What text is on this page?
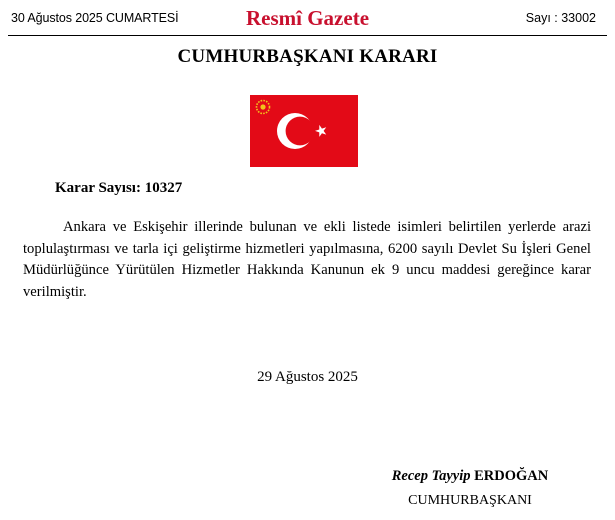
30 Ağustos 2025 CUMARTESİ	Resmî Gazete	Sayı : 33002
CUMHURBAŞKANI KARARI
Karar Sayısı: 10327
Ankara ve Eskişehir illerinde bulunan ve ekli listede isimleri belirtilen yerlerde arazi toplulaştırması ve tarla içi geliştirme hizmetleri yapılmasına, 6200 sayılı Devlet Su İşleri Genel Müdürlüğünce Yürütülen Hizmetler Hakkında Kanunun ek 9 uncu maddesi gereğince karar verilmiştir.
29 Ağustos 2025
Recep Tayyip ERDOĞAN
CUMHURBAŞKANI
